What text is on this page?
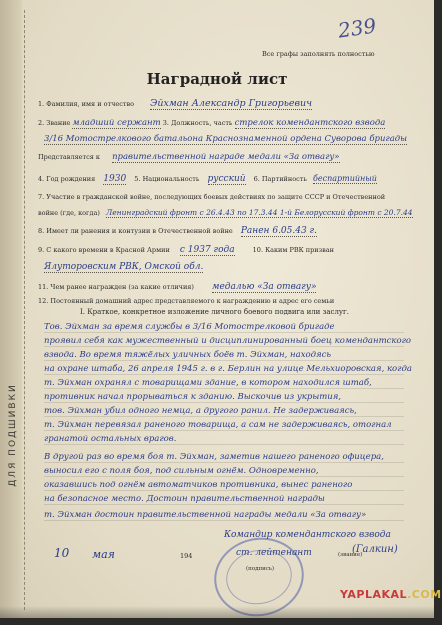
ДЛЯ ПОДШИВКИ
Все графы заполнять полностью
239
Наградной лист
1. Фамилия, имя и отчество Эйхман Александр Григорьевич
2. Звание младший сержант 3. Должность, часть стрелок комендантского взвода
3/16 Мотострелкового батальона Краснознаменной ордена Суворова бригады
Представляется к правительственной награде медали «За отвагу»
4. Год рождения 1930 5. Национальность русский 6. Партийность беспартийный
7. Участие в гражданской войне, последующих боевых действиях по защите СССР и Отечественной
войне (где, когда) Ленинградский фронт с 26.4.43 по 17.3.44 1-й Белорусский фронт с 20.7.44
8. Имеет ли ранения и контузии в Отечественной войне Ранен 6.05.43 г.
9. С какого времени в Красной Армии с 1937 года	10. Каким РВК призван
Ялуторовским РВК, Омской обл.
11. Чем ранее награжден (за какие отличия) медалью «За отвагу»
12. Постоянный домашний адрес представляемого к награждению и адрес его семьи
I. Краткое, конкретное изложение личного боевого подвига или заслуг.
Тов. Эйхман за время службы в 3/16 Мотострелковой бригаде
проявил себя как мужественный и дисциплинированный боец комендантского
взвода. Во время тяжёлых уличных боёв т. Эйхман, находясь
на охране штаба, 26 апреля 1945 г. в г. Берлин на улице Мельхиоровская, когда
т. Эйхман охранял с товарищами здание, в котором находился штаб,
противник начал прорываться к зданию. Выскочив из укрытия,
тов. Эйхман убил одного немца, а другого ранил. Не задерживаясь,
т. Эйхман перевязал раненого товарища, а сам не задерживаясь, отогнал
гранатой остальных врагов.
В другой раз во время боя т. Эйхман, заметив нашего раненого офицера,
выносил его с поля боя, под сильным огнём. Одновременно,
оказавшись под огнём автоматчиков противника, вынес раненого
на безопасное место. Достоин правительственной награды
т. Эйхман достоин правительственной награды медали «За отвагу»
10 мая	194
Командир комендантского взвода
ст. лейтенант	(Галкин)
(подпись)
(звание)
YAPLAKAL.COM
